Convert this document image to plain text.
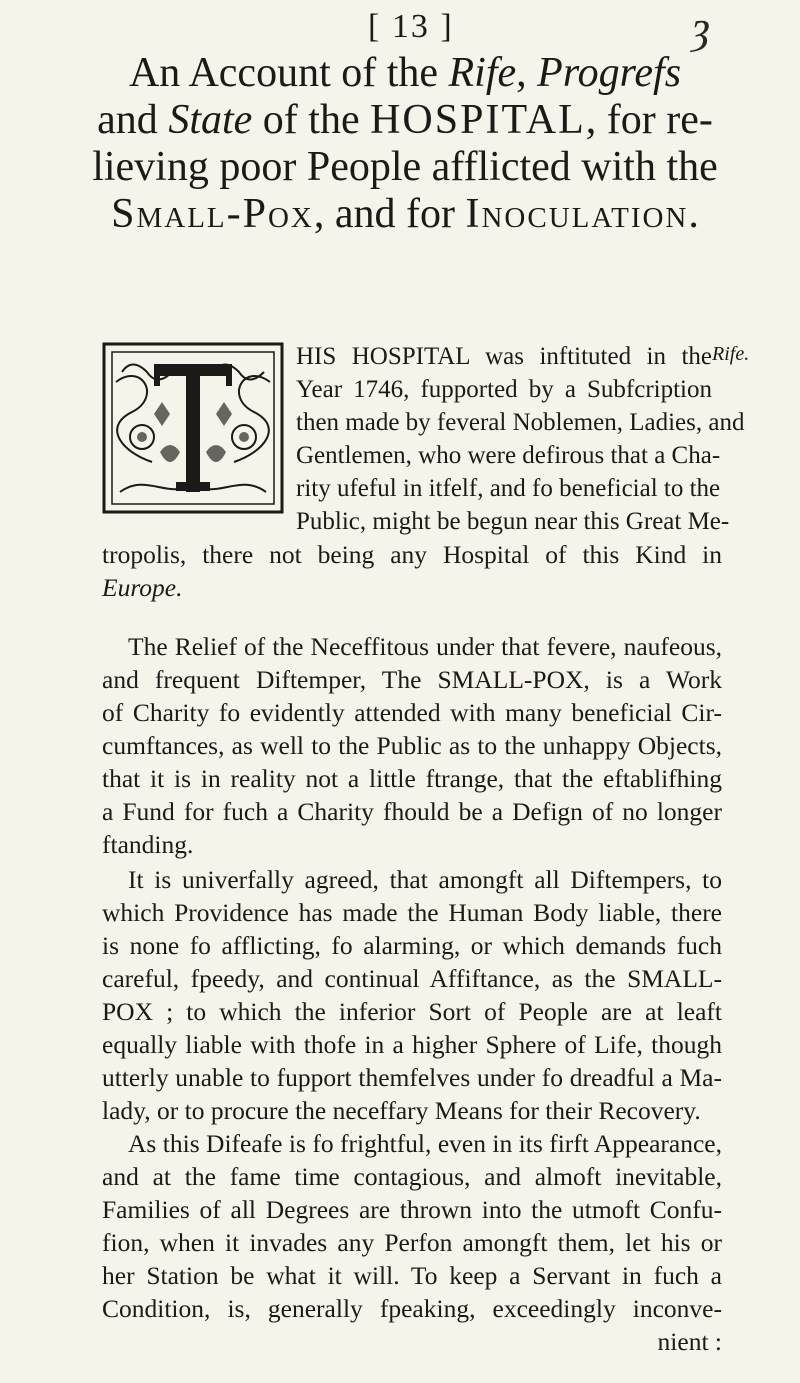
[ 13 ]	ȝ
An Account of the Rife, Progrefs
and State of the HOSPITAL, for re-
lieving poor People afflicted with the
Small-Pox, and for Inoculation.
Rife.
HIS HOSPITAL was inftituted in the
Year 1746, fupported by a Subfcription
then made by feveral Noblemen, Ladies, and
Gentlemen, who were defirous that a Cha-
rity ufeful in itfelf, and fo beneficial to the
Public, might be begun near this Great Me-
tropolis, there not being any Hospital of this Kind in
Europe.
The Relief of the Neceffitous under that fevere, naufeous,
and frequent Diftemper, The SMALL-POX, is a Work
of Charity fo evidently attended with many beneficial Cir-
cumftances, as well to the Public as to the unhappy Objects,
that it is in reality not a little ftrange, that the eftablifhing
a Fund for fuch a Charity fhould be a Defign of no longer
ftanding.
It is univerfally agreed, that amongft all Diftempers, to
which Providence has made the Human Body liable, there
is none fo afflicting, fo alarming, or which demands fuch
careful, fpeedy, and continual Affiftance, as the SMALL-
POX ; to which the inferior Sort of People are at leaft
equally liable with thofe in a higher Sphere of Life, though
utterly unable to fupport themfelves under fo dreadful a Ma-
lady, or to procure the neceffary Means for their Recovery.
As this Difeafe is fo frightful, even in its firft Appearance,
and at the fame time contagious, and almoft inevitable,
Families of all Degrees are thrown into the utmoft Confu-
fion, when it invades any Perfon amongft them, let his or
her Station be what it will. To keep a Servant in fuch a
Condition, is, generally fpeaking, exceedingly inconve-
nient :
